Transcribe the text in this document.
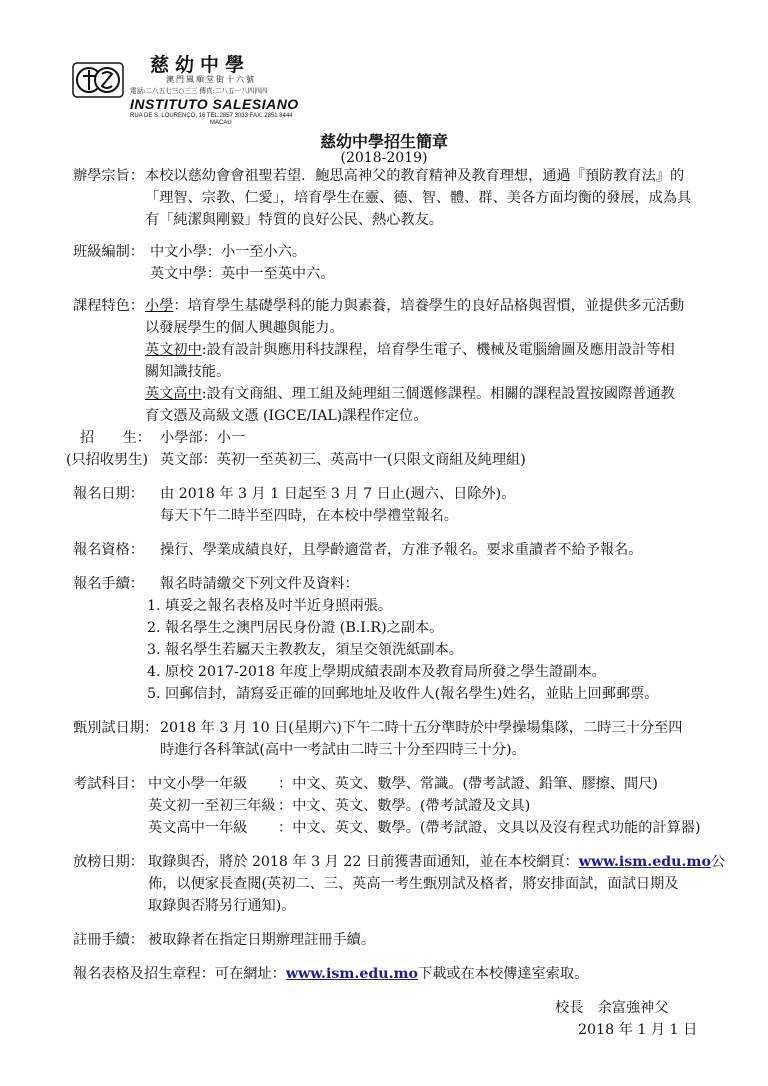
慈幼中學
澳門風順堂街十六號
電話:二八五七三○三三 傳真:二八五一八四四四
INSTITUTO SALESIANO
RUA DE S. LOURENÇO, 16 TEL:2857 3033 FAX: 2851 8444
MACAU
慈幼中學招生簡章
(2018-2019)
辦學宗旨： 本校以慈幼會會祖聖若望．鮑思高神父的教育精神及教育理想，通過『預防教育法』的
「理智、宗教、仁愛」，培育學生在靈、德、智、體、群、美各方面均衡的發展，成為具
有「純潔與剛毅」特質的良好公民、熱心教友。
班級編制： 中文小學：小一至小六。
英文中學：英中一至英中六。
課程特色： 小學：培育學生基礎學科的能力與素養，培養學生的良好品格與習慣，並提供多元活動
以發展學生的個人興趣與能力。
英文初中:設有設計與應用科技課程，培育學生電子、機械及電腦繪圖及應用設計等相
關知識技能。
英文高中:設有文商組、理工組及純理組三個選修課程。相關的課程設置按國際普通教
育文憑及高級文憑 (IGCE/IAL)課程作定位。
招　　生： 小學部：小一
(只招收男生) 英文部：英初一至英初三、英高中一(只限文商組及純理組)
報名日期： 由 2018 年 3 月 1 日起至 3 月 7 日止(週六、日除外)。
每天下午二時半至四時，在本校中學禮堂報名。
報名資格： 操行、學業成績良好，且學齡適當者，方准予報名。要求重讀者不給予報名。
報名手續： 報名時請繳交下列文件及資料：
1. 填妥之報名表格及吋半近身照兩張。
2. 報名學生之澳門居民身份證 (B.I.R)之副本。
3. 報名學生若屬天主教教友，須呈交領洗紙副本。
4. 原校 2017-2018 年度上學期成績表副本及教育局所發之學生證副本。
5. 回郵信封，請寫妥正確的回郵地址及收件人(報名學生)姓名，並貼上回郵郵票。
甄別試日期： 2018 年 3 月 10 日(星期六)下午二時十五分準時於中學操場集隊，二時三十分至四
時進行各科筆試(高中一考試由二時三十分至四時三十分)。
考試科目： 中文小學一年級 ：中文、英文、數學、常識。(帶考試證、鉛筆、膠擦、間尺)
英文初一至初三年級 ：中文、英文、數學。(帶考試證及文具)
英文高中一年級 ：中文、英文、數學。(帶考試證、文具以及沒有程式功能的計算器)
放榜日期： 取錄與否，將於 2018 年 3 月 22 日前獲書面通知，並在本校網頁：www.ism.edu.mo公
佈，以便家長查閱(英初二、三、英高一考生甄別試及格者，將安排面試，面試日期及
取錄與否將另行通知)。
註冊手續： 被取錄者在指定日期辦理註冊手續。
報名表格及招生章程：可在網址：www.ism.edu.mo下載或在本校傳達室索取。
校長　余富強神父
2018 年 1 月 1 日
